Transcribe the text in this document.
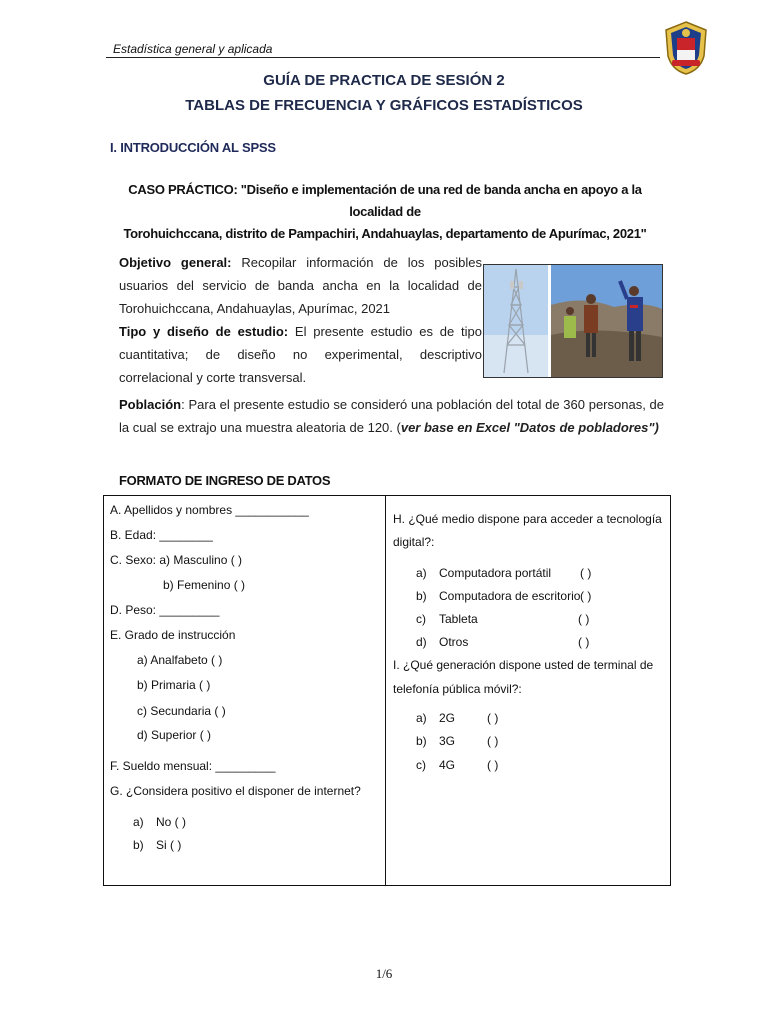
Estadística general y aplicada
GUÍA DE PRACTICA DE SESIÓN 2
TABLAS DE FRECUENCIA Y GRÁFICOS ESTADÍSTICOS
I. INTRODUCCIÓN AL SPSS
CASO PRÁCTICO: "Diseño e implementación de una red de banda ancha en apoyo a la localidad de
Torohuichccana, distrito de Pampachiri, Andahuaylas, departamento de Apurímac, 2021"
Objetivo general: Recopilar información de los posibles usuarios del servicio de banda ancha en la localidad de Torohuichccana, Andahuaylas, Apurímac, 2021
Tipo y diseño de estudio: El presente estudio es de tipo cuantitativa; de diseño no experimental, descriptivo correlacional y corte transversal.
Población: Para el presente estudio se consideró una población del total de 360 personas, de la cual se extrajo una muestra aleatoria de 120. (ver base en Excel "Datos de pobladores")
FORMATO DE INGRESO DE DATOS
A. Apellidos y nombres ___________
B. Edad: ________
C. Sexo: a) Masculino ( )
b) Femenino ( )
D. Peso: _________
E. Grado de instrucción
a) Analfabeto ( )
b) Primaria ( )
c) Secundaria ( )
d) Superior ( )
F. Sueldo mensual: _________
G. ¿Considera positivo el disponer de internet?
a) No ( )
b) Si ( )
H. ¿Qué medio dispone para acceder a tecnología
digital?:
a) Computadora portátil ( )
b) Computadora de escritorio ( )
c) Tableta	( )
d) Otros	( )
I. ¿Qué generación dispone usted de terminal de
telefonía pública móvil?:
a) 2G	( )
b) 3G	( )
c) 4G	( )
1/6
